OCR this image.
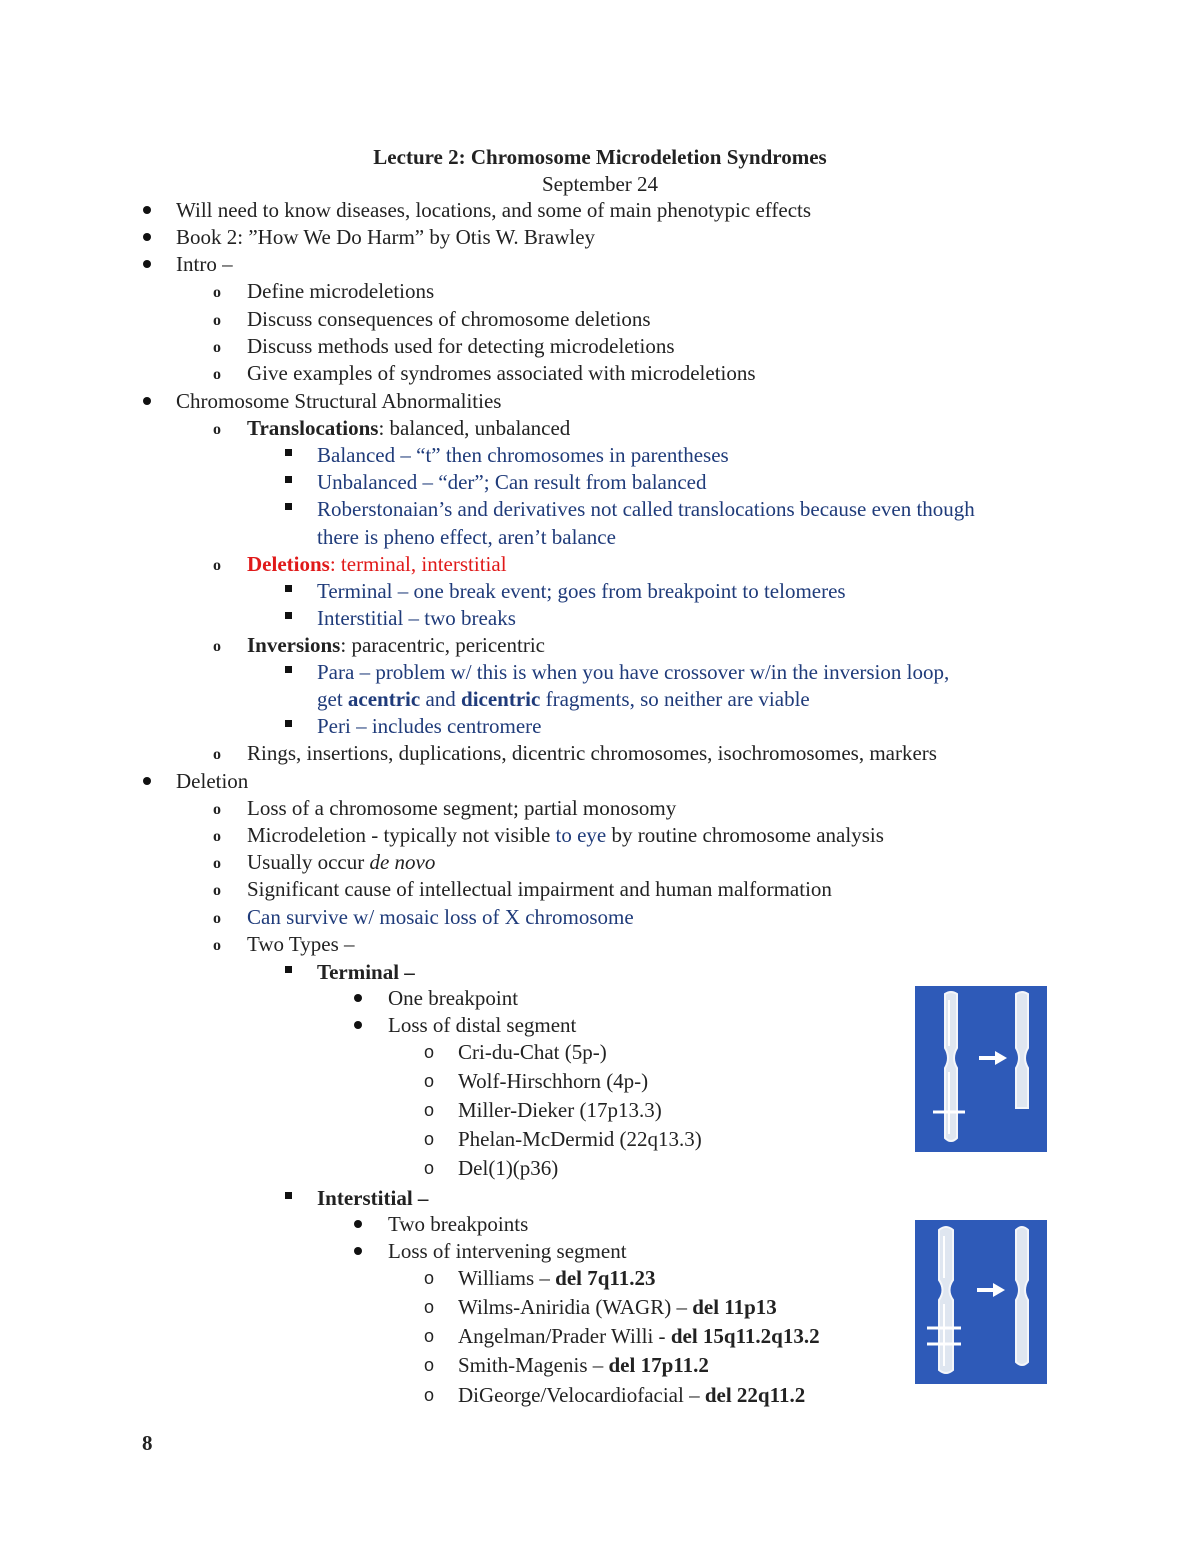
Lecture 2: Chromosome Microdeletion Syndromes
September 24
Will need to know diseases, locations, and some of main phenotypic effects
Book 2: ”How We Do Harm” by Otis W. Brawley
Intro –
o Define microdeletions
o Discuss consequences of chromosome deletions
o Discuss methods used for detecting microdeletions
o Give examples of syndromes associated with microdeletions
Chromosome Structural Abnormalities
o Translocations: balanced, unbalanced
Balanced – “t” then chromosomes in parentheses
Unbalanced – “der”; Can result from balanced
Roberstonaian’s and derivatives not called translocations because even though
there is pheno effect, aren’t balance
o Deletions: terminal, interstitial
Terminal – one break event; goes from breakpoint to telomeres
Interstitial – two breaks
o Inversions: paracentric, pericentric
Para – problem w/ this is when you have crossover w/in the inversion loop,
get acentric and dicentric fragments, so neither are viable
Peri – includes centromere
o Rings, insertions, duplications, dicentric chromosomes, isochromosomes, markers
Deletion
o Loss of a chromosome segment; partial monosomy
o Microdeletion - typically not visible to eye by routine chromosome analysis
o Usually occur de novo
o Significant cause of intellectual impairment and human malformation
o Can survive w/ mosaic loss of X chromosome
o Two Types –
Terminal –
One breakpoint
Loss of distal segment
o Cri-du-Chat (5p-)
o Wolf-Hirschhorn (4p-)
o Miller-Dieker (17p13.3)
o Phelan-McDermid (22q13.3)
o Del(1)(p36)
Interstitial –
Two breakpoints
Loss of intervening segment
o Williams – del 7q11.23
o Wilms-Aniridia (WAGR) – del 11p13
o Angelman/Prader Willi - del 15q11.2q13.2
o Smith-Magenis – del 17p11.2
o DiGeorge/Velocardiofacial – del 22q11.2
8
